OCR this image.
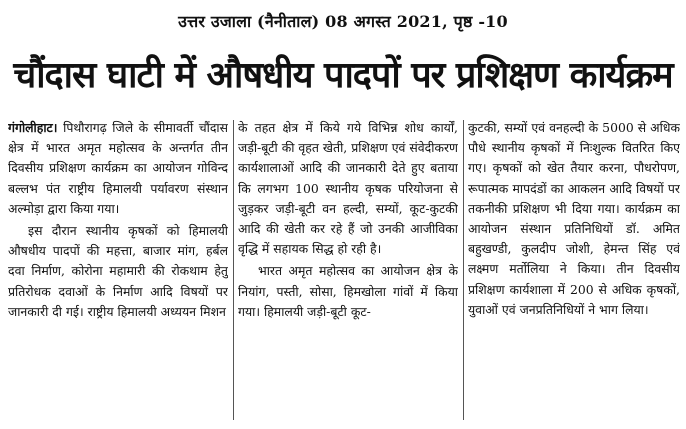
उत्तर उजाला (नैनीताल) 08 अगस्त 2021, पृष्ठ -10
चौंदास घाटी में औषधीय पादपों पर प्रशिक्षण कार्यक्रम

गंगोलीहाट। पिथौरागढ़ जिले के सीमावर्ती चौंदास क्षेत्र में भारत अमृत महोत्सव के अन्तर्गत तीन दिवसीय प्रशिक्षण कार्यक्रम का आयोजन गोविन्द बल्लभ पंत राष्ट्रीय हिमालयी पर्यावरण संस्थान अल्मोड़ा द्वारा किया गया।

इस दौरान स्थानीय कृषकों को हिमालयी औषधीय पादपों की महत्ता, बाजार मांग, हर्बल दवा निर्माण, कोरोना महामारी की रोकथाम हेतु प्रतिरोधक दवाओं के निर्माण आदि विषयों पर जानकारी दी गई। राष्ट्रीय हिमालयी अध्ययन मिशन

के तहत क्षेत्र में किये गये विभिन्न शोध कार्यों, जड़ी-बूटी की वृहत खेती, प्रशिक्षण एवं संवेदीकरण कार्यशालाओं आदि की जानकारी देते हुए बताया कि लगभग 100 स्थानीय कृषक परियोजना से जुड़कर जड़ी-बूटी वन हल्दी, सम्यों, कूट-कुटकी आदि की खेती कर रहे हैं जो उनकी आजीविका वृद्धि में सहायक सिद्ध हो रही है।

भारत अमृत महोत्सव का आयोजन क्षेत्र के नियांग, पस्ती, सोसा, हिमखोला गांवों में किया गया। हिमालयी जड़ी-बूटी कूट-

कुटकी, सम्यों एवं वनहल्दी के 5000 से अधिक पौधे स्थानीय कृषकों में निःशुल्क वितरित किए गए। कृषकों को खेत तैयार करना, पौधरोपण, रूपात्मक मापदंडों का आकलन आदि विषयों पर तकनीकी प्रशिक्षण भी दिया गया। कार्यक्रम का आयोजन संस्थान प्रतिनिधियों डॉ. अमित बहुखण्डी, कुलदीप जोशी, हेमन्त सिंह एवं लक्ष्मण मर्तोलिया ने किया। तीन दिवसीय प्रशिक्षण कार्यशाला में 200 से अधिक कृषकों, युवाओं एवं जनप्रतिनिधियों ने भाग लिया।
